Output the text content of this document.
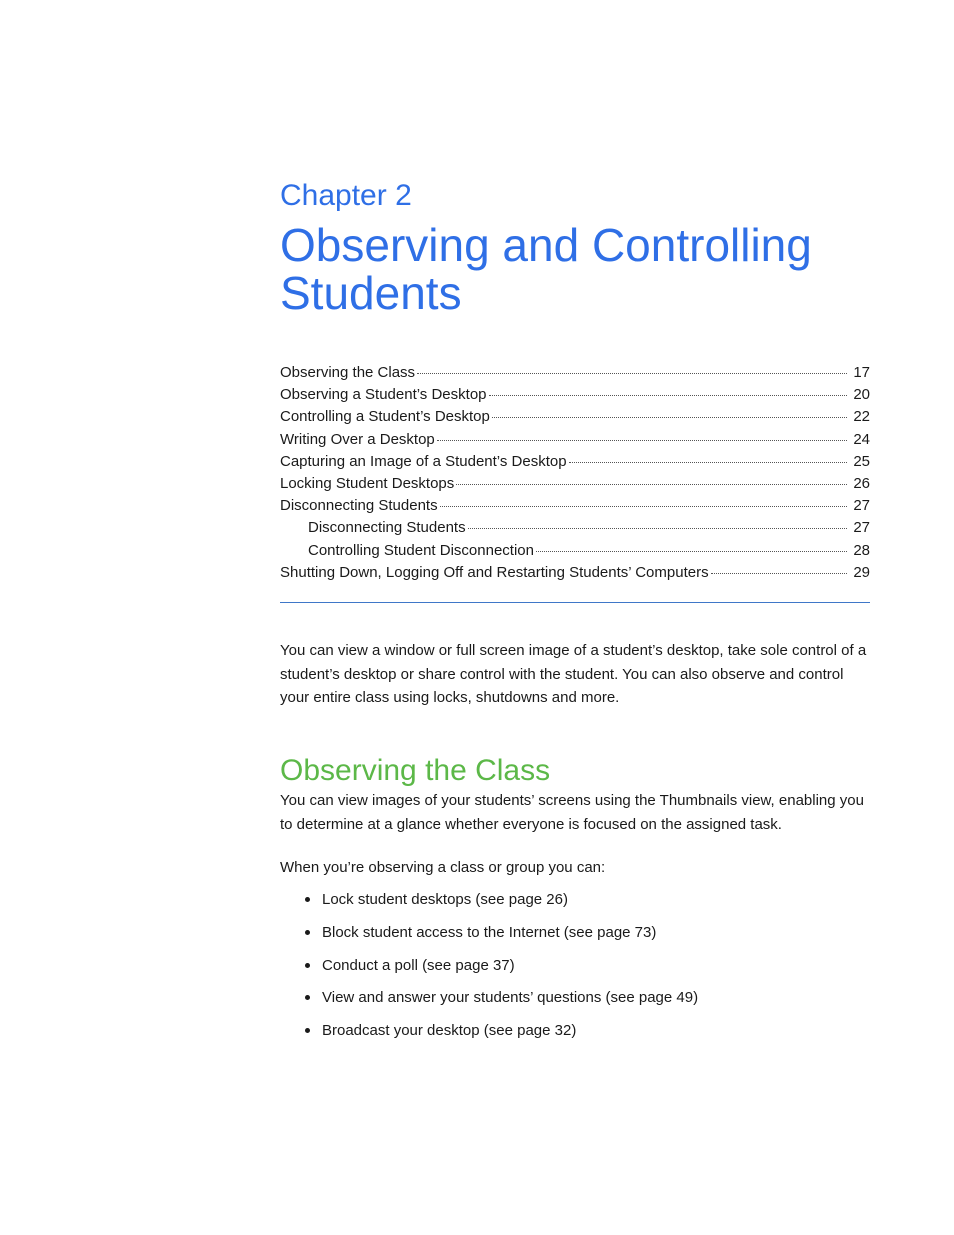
Chapter 2
Observing and Controlling Students
Observing the Class	17
Observing a Student’s Desktop	20
Controlling a Student’s Desktop	22
Writing Over a Desktop	24
Capturing an Image of a Student’s Desktop	25
Locking Student Desktops	26
Disconnecting Students	27
Disconnecting Students	27
Controlling Student Disconnection	28
Shutting Down, Logging Off and Restarting Students’ Computers	29

You can view a window or full screen image of a student’s desktop, take sole control of a student’s desktop or share control with the student. You can also observe and control your entire class using locks, shutdowns and more.

Observing the Class

You can view images of your students’ screens using the Thumbnails view, enabling you to determine at a glance whether everyone is focused on the assigned task.

When you’re observing a class or group you can:

Lock student desktops (see page 26)
Block student access to the Internet (see page 73)
Conduct a poll (see page 37)
View and answer your students’ questions (see page 49)
Broadcast your desktop (see page 32)
